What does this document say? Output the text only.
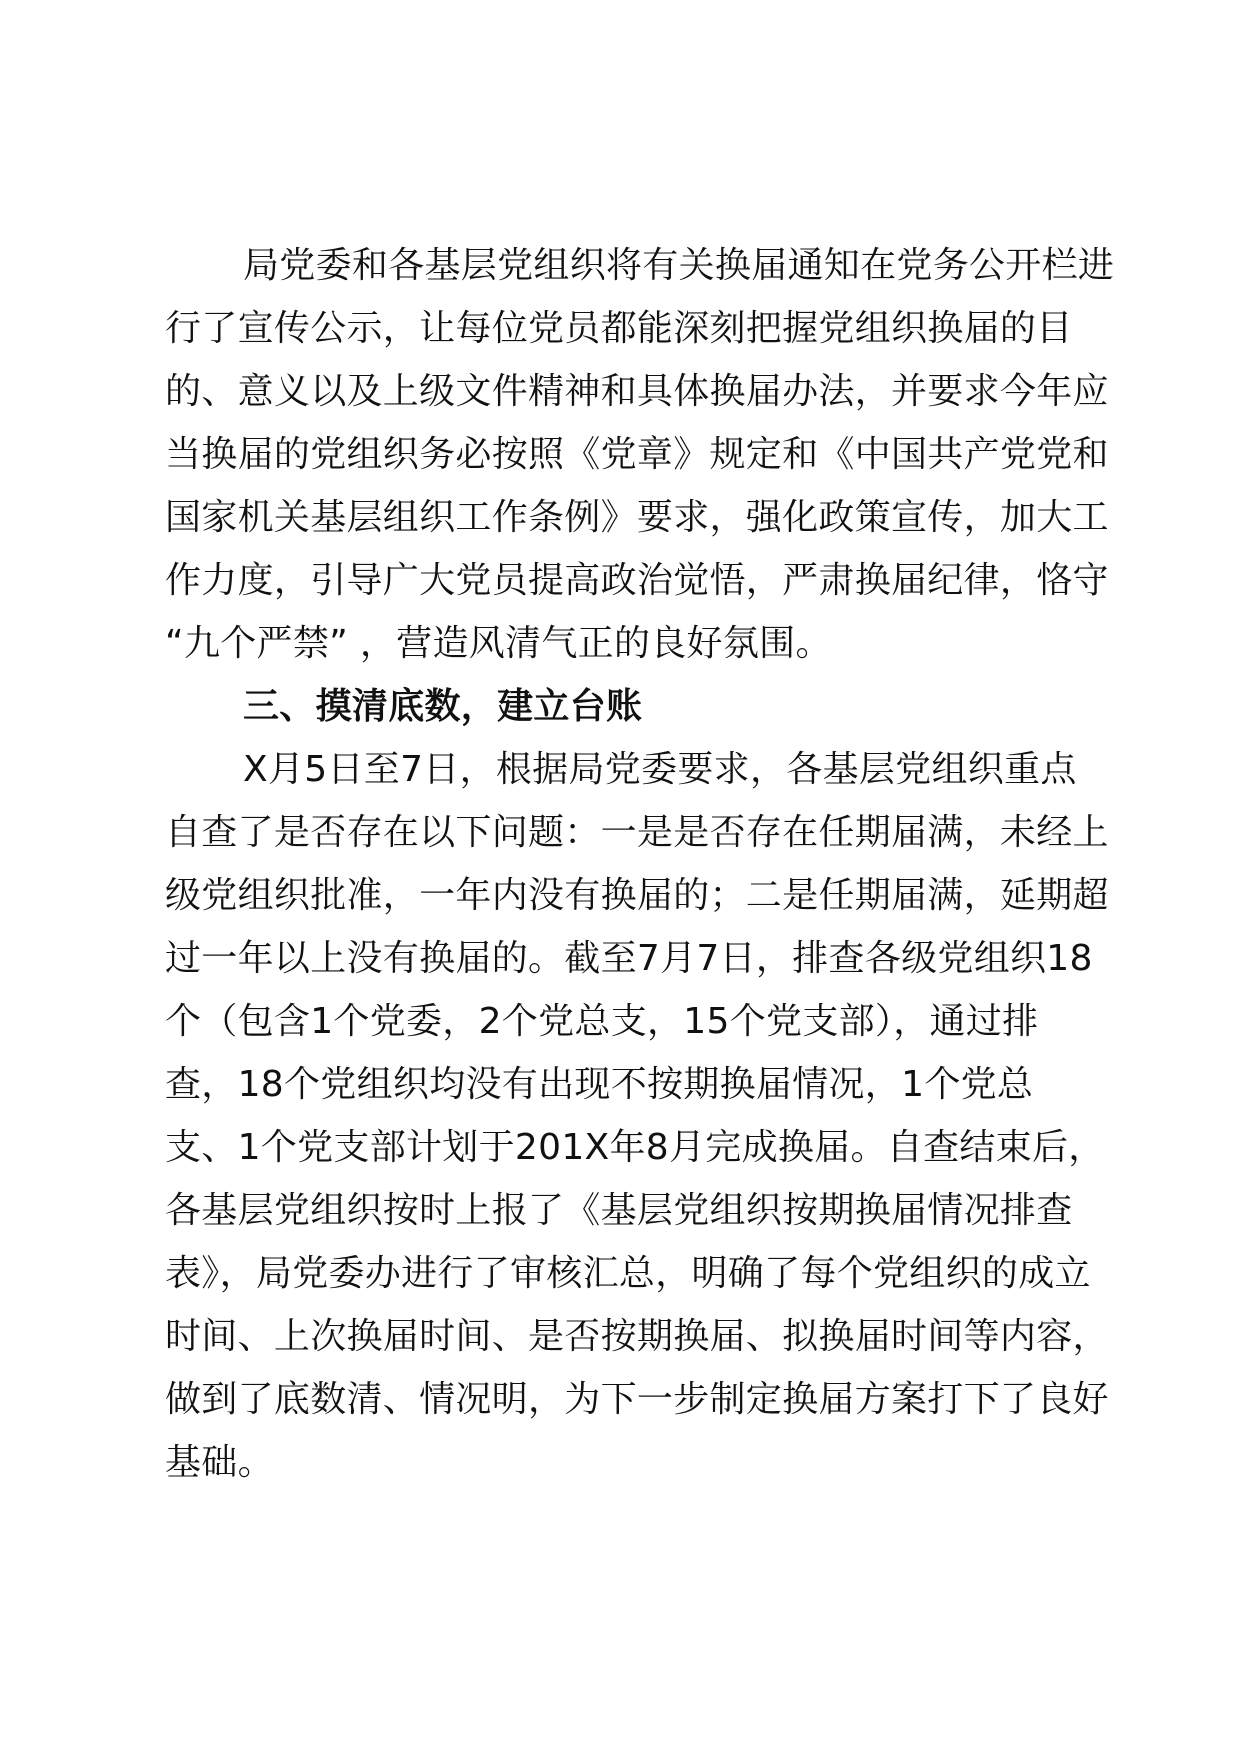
局党委和各基层党组织将有关换届通知在党务公开栏进
行了宣传公示，让每位党员都能深刻把握党组织换届的目
的、意义以及上级文件精神和具体换届办法，并要求今年应
当换届的党组织务必按照《党章》规定和《中国共产党党和
国家机关基层组织工作条例》要求，强化政策宣传，加大工
作力度，引导广大党员提高政治觉悟，严肃换届纪律，恪守
“九个严禁” ，营造风清气正的良好氛围。
三、摸清底数，建立台账
X月5日至7日，根据局党委要求，各基层党组织重点
自查了是否存在以下问题：一是是否存在任期届满，未经上
级党组织批准，一年内没有换届的；二是任期届满，延期超
过一年以上没有换届的。截至7月7日，排查各级党组织18
个（包含1个党委，2个党总支，15个党支部），通过排
查，18个党组织均没有出现不按期换届情况，1个党总
支、1个党支部计划于201X年8月完成换届。自查结束后，
各基层党组织按时上报了《基层党组织按期换届情况排查
表》，局党委办进行了审核汇总，明确了每个党组织的成立
时间、上次换届时间、是否按期换届、拟换届时间等内容，
做到了底数清、情况明，为下一步制定换届方案打下了良好
基础。
